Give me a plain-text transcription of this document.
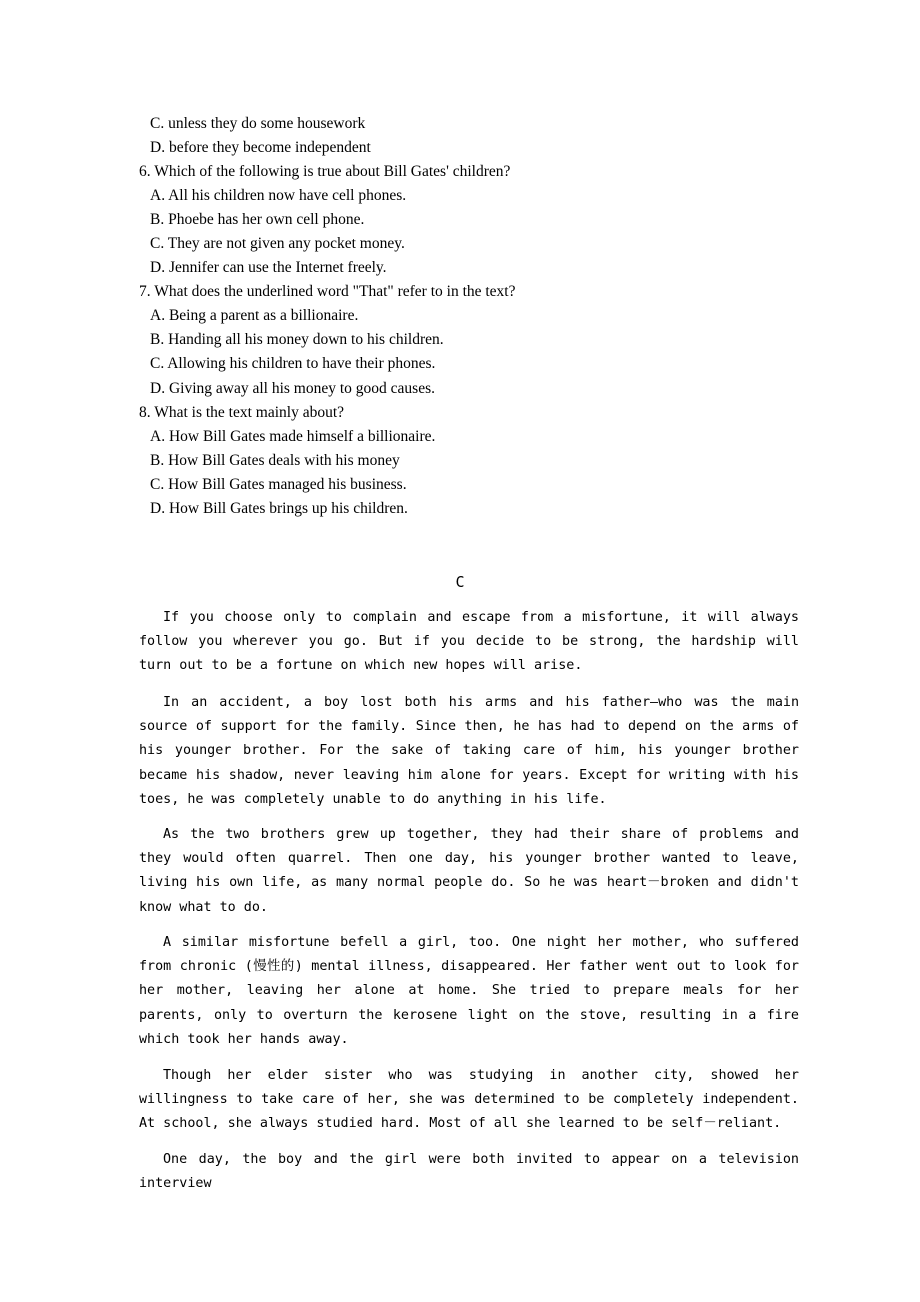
C. unless they do some housework
D. before they become independent
6. Which of the following is true about Bill Gates' children?
A. All his children now have cell phones.
B. Phoebe has her own cell phone.
C. They are not given any pocket money.
D. Jennifer can use the Internet freely.
7. What does the underlined word "That" refer to in the text?
A. Being a parent as a billionaire.
B. Handing all his money down to his children.
C. Allowing his children to have their phones.
D. Giving away all his money to good causes.
8. What is the text mainly about?
A. How Bill Gates made himself a billionaire.
B. How Bill Gates deals with his money
C. How Bill Gates managed his business.
D. How Bill Gates brings up his children.
C

If you choose only to complain and escape from a misfortune, it will always follow you wherever you go. But if you decide to be strong, the hardship will turn out to be a fortune on which new hopes will arise.

In an accident, a boy lost both his arms and his father—who was the main source of support for the family. Since then, he has had to depend on the arms of his younger brother. For the sake of taking care of him, his younger brother became his shadow, never leaving him alone for years. Except for writing with his toes, he was completely unable to do anything in his life.

As the two brothers grew up together, they had their share of problems and they would often quarrel. Then one day, his younger brother wanted to leave, living his own life, as many normal people do. So he was heart－broken and didn't know what to do.

A similar misfortune befell a girl, too. One night her mother, who suffered from chronic (慢性的) mental illness, disappeared. Her father went out to look for her mother, leaving her alone at home. She tried to prepare meals for her parents, only to overturn the kerosene light on the stove, resulting in a fire which took her hands away.

Though her elder sister who was studying in another city, showed her willingness to take care of her, she was determined to be completely independent. At school, she always studied hard. Most of all she learned to be self－reliant.

One day, the boy and the girl were both invited to appear on a television interview
